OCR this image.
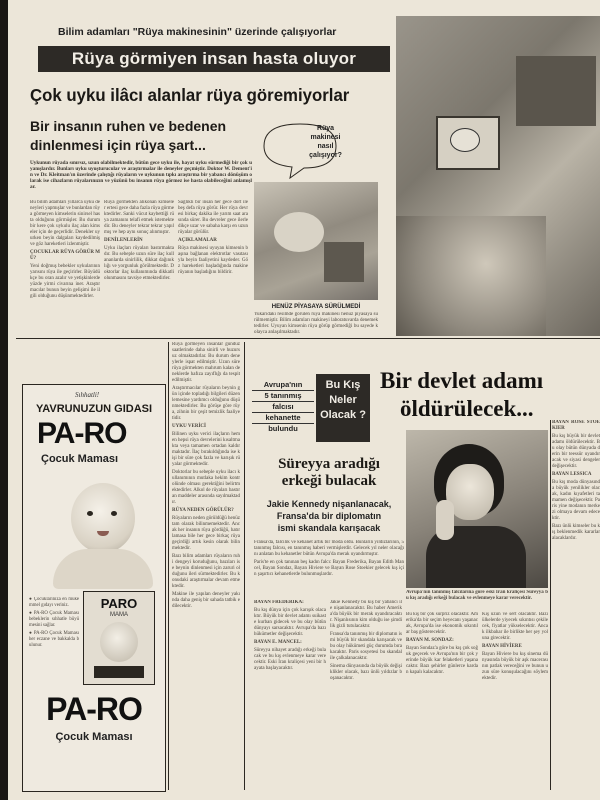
Bilim adamları "Rüya makinesinin" üzerinde çalışıyorlar
Rüya görmiyen insan hasta oluyor
Çok uyku ilâcı alanlar rüya göremiyorlar
Bir insanın ruhen ve bedenen
dinlenmesi için rüya şart...
Rüya
makinesi
nasıl
çalışıyor?

Uykunun rüyada sınırsız, uzun olabilmektedir, bütün gece uyku ile, hayat uyku sürmediği bir çok uyanışlardır. Bunları uyku uyuşturucular ve araştırmalar ile deneyler geçmiştir. Doktor W. Dement'in ve Dr. Kleitman'ın üzerinde çalıştığı rüyaların ve uykunun tıpkı araştırma bir yabancı dönüşüm olarak ise cihazların rüyalarınızın ve yüzünü bu insanın rüya görmez ise hasta olabileceğini anlamışlar.

Bu bilim adamları yıllarca uyku deneyleri yapmışlar ve bunlardan rüya görmeyen kimselerin sinirsel hasta olduğunu görmüşler. Bu durum bir kere çok uykulu ilaç alan kimseler için de geçerlidir. Denekler uyurken beyin dalgaları kaydedilmiş ve göz hareketleri izlenmiştir.

ÇOCUKLAR RÜYA GÖRÜR MÜ?

Yeni doğmuş bebekler uykularının yarısını rüya ile geçirirler. Büyüdükçe bu oran azalır ve yetişkinlerde yüzde yirmi civarına iner. Araştırmacılar bunun beyin gelişimi ile ilgili olduğunu düşünmektedirler.

Rüya görmekten alıkonan kimseler ertesi gece daha fazla rüya görmektedirler. Sanki vücut kaybettiği rüya zamanını telafi etmek istemektedir. Bu deneyler tekrar tekrar yapılmış ve hep aynı sonuç alınmıştır.

DENİLENLERİN

Uyku ilaçları rüyaları bastırmaktadır. Bu sebeple uzun süre ilaç kullananlarda sinirlilik, dikkat dağınıklığı ve yorgunluk görülmektedir. Doktorlar ilaç kullanımında dikkatli olunmasını tavsiye etmektedirler.

Sağlıklı bir insan her gece dört ile beş defa rüya görür. Her rüya devresi birkaç dakika ile yarım saat arasında sürer. Bu devreler gece ilerledikçe uzar ve sabaha karşı en uzun rüyalar görülür.

AÇIKLAMALAR

Rüya makinesi uyuyan kimsenin başına bağlanan elektrotlar vasıtasıyla beyin faaliyetini kaydeder. Göz hareketleri başladığında makine rüyanın başladığını bildirir.

HENÜZ PİYASAYA SÜRÜLMEDİ

Yukarıdaki resimde görülen rüya makinesi henüz piyasaya sürülmemiştir. Bilim adamları makineyi laboratuvarda denemektedirler. Uyuyan kimsenin rüya görüp görmediği bu sayede kolayca anlaşılmaktadır.

Sıhhatli!
YAVRUNUZUN GIDASI
PA-RO
Çocuk Maması
PARO
MAMA

● Çocuklarınıza en mükemmel gıdayı veriniz.

● PA-RO Çocuk Maması bebeklerin sıhhatle büyümesini sağlar.

● PA-RO Çocuk Maması her eczane ve bakkalda bulunur.

PA-RO
Çocuk Maması

Rüya görmeyen insanlar gündüz saatlerinde daha sinirli ve huzursuz olmaktadırlar. Bu durum deneylerle ispat edilmiştir. Uzun süre rüya görmekten mahrum kalan deneklerde hafıza zayıflığı da tespit edilmiştir.

Araştırmacılar rüyaların beynin gün içinde topladığı bilgileri düzenlemesine yardımcı olduğunu düşünmektedirler. Bu görüşe göre rüya, zihnin bir çeşit temizlik faaliyetidir.

UYKU VERİCİ

Bilinen uyku verici ilaçların hemen hepsi rüya devrelerini kısaltmakta veya tamamen ortadan kaldırmaktadır. İlaç bırakıldığında ise kişi bir süre çok fazla ve karışık rüyalar görmektedir.

Doktorlar bu sebeple uyku ilacı kullanımının mutlaka hekim kontrolünde olması gerektiğini belirtmektedirler. Alkol de rüyaları bastıran maddeler arasında sayılmaktadır.

RÜYA NEDEN GÖRÜLÜR?

Rüyaların neden görüldüğü henüz tam olarak bilinmemektedir. Ancak her insanın rüya gördüğü, hatırlamasa bile her gece birkaç rüya geçirdiği artık kesin olarak bilinmektedir.

Bazı bilim adamları rüyaların ruhi dengeyi koruduğunu, bazıları ise beynin dinlenmesi için zaruri olduğunu ileri sürmektedirler. Bu konudaki araştırmalar devam etmektedir.

Makine ile yapılan deneyler yakında daha geniş bir sahada tatbik edilecektir.

Avrupa'nın
5 tanınmış
falcısı
kehanette
bulundu
Bu Kış
Neler
Olacak ?
Bir devlet adamı
öldürülecek...
Süreyya aradığı
erkeği bulacak
Jakie Kennedy nişanlanacak,
Fransa'da bir diplomatın
ismi skandala karışacak

Fransa'da, falcılık ve kehanet artık bir moda oldu. Bunların yıldızlarının, 5 tanınmış falcısı, en tanınmış haberi vermişlerdir. Gelecek yıl neler olacağını anlatan bu kehanetler bütün Avrupa'da merak uyandırmıştır.

Paris'te en çok tanınan beş kadın falcı: Bayan Frederika, Bayan Edith Mancel, Bayan Sondaz, Bayan Hiviere ve Bayan Rose Stoekier gelecek kış için şaşırtıcı kehanetlerde bulunmuşlardır.

BAYAN FREDERİKA:

Bu kış dünya için çok karışık olacaktır. Büyük bir devlet adamı suikaste kurban gidecek ve bu olay bütün dünyayı sarsacaktır. Avrupa'da bazı hükümetler değişecektir.

BAYAN E. MANCEL:

Süreyya nihayet aradığı erkeği bulacak ve bu kış evlenmeye karar verecektir. Eski İran kraliçesi yeni bir hayata başlayacaktır.

Jakie Kennedy bu kış bir yabancı ile nişanlanacaktır. Bu haber Amerika'da büyük bir merak uyandıracaktır. Nişanlısının kim olduğu ise şimdilik gizli tutulacaktır.

Fransa'da tanınmış bir diplomatın ismi büyük bir skandala karışacak ve bu olay hükümeti güç durumda bırakacaktır. Paris sosyetesi bu skandal ile çalkalanacaktır.

Sinema dünyasında da büyük değişiklikler olacak, bazı ünlü yıldızlar boşanacaktır.

Avrupa'nın tanınmış falcılarına göre eski İran kraliçesi Süreyya bu kış aradığı erkeği bulacak ve evlenmeye karar verecektir.

BAYAN ROSE STOEKIER

Bu kış büyük bir devlet adamı öldürülecektir. Bu olay bütün dünyada derin bir teessür uyandıracak ve siyasi dengeler değişecektir.

BAYAN LESSICA

Bu kış moda dünyasında büyük yenilikler olacak, kadın kıyafetleri tamamen değişecektir. Paris yine modanın merkezi olmaya devam edecektir.

Bazı ünlü kimseler bu kış beklenmedik kararlar alacaklardır.

Bu kış bir çok sürpriz olacaktır. Amerika'da bir seçim heyecanı yaşanacak, Avrupa'da ise ekonomik sıkıntılar baş gösterecektir.

BAYAN M. SONDAZ:

Bayan Sondaz'a göre bu kış çok soğuk geçecek ve Avrupa'nın bir çok yerinde büyük kar felaketleri yaşanacaktır. Bazı şehirler günlerce kardan kapalı kalacaktır.

Kış uzun ve sert olacaktır. Bazı ülkelerde yiyecek sıkıntısı çekilecek, fiyatlar yükselecektir. Ancak ilkbahar ile birlikte her şey yoluna girecektir.

BAYAN HİVİERE

Bayan Hiviere bu kış sinema dünyasında büyük bir aşk macerasının patlak vereceğini ve bunun uzun süre konuşulacağını söylemektedir.
